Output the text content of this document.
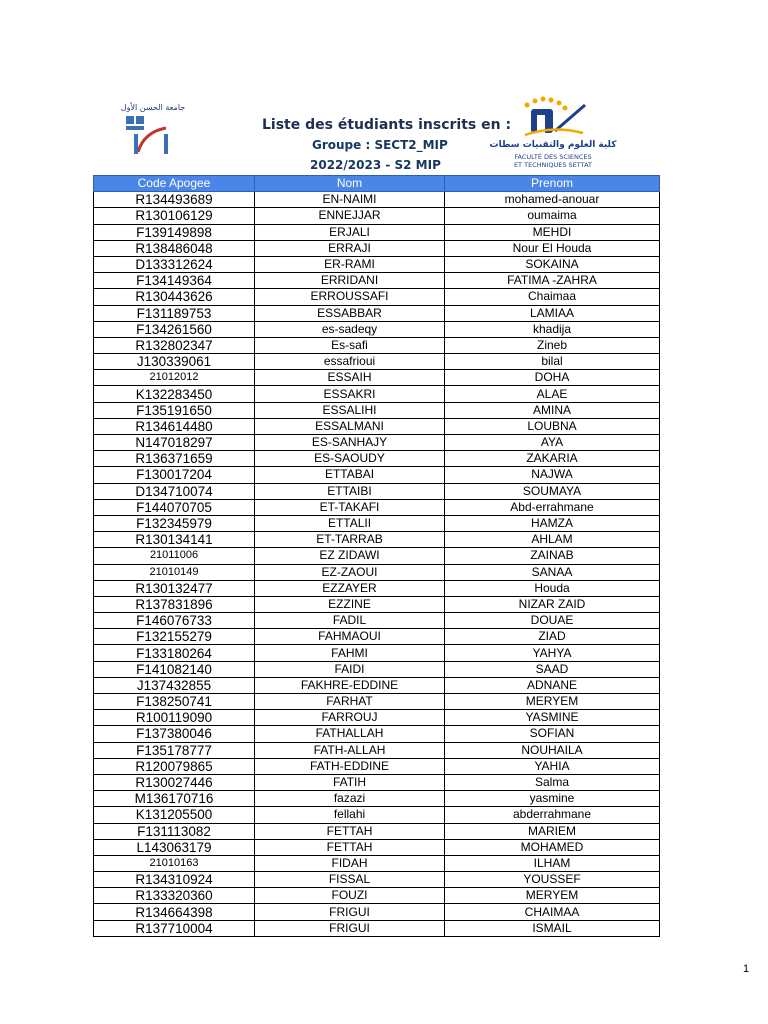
جامعة الحسن الأول
Liste des étudiants inscrits en :
Groupe : SECT2_MIP
2022/2023 - S2 MIP
كلية العلوم والتقنيات سطات
FACULTÉ DES SCIENCES
ET TECHNIQUES SETTAT
Code Apogee	Nom	Prenom
R134493689	EN-NAIMI	mohamed-anouar
R130106129	ENNEJJAR	oumaima
F139149898	ERJALI	MEHDI
R138486048	ERRAJI	Nour El Houda
D133312624	ER-RAMI	SOKAINA
F134149364	ERRIDANI	FATIMA -ZAHRA
R130443626	ERROUSSAFI	Chaimaa
F131189753	ESSABBAR	LAMIAA
F134261560	es-sadeqy	khadija
R132802347	Es-safi	Zineb
J130339061	essafrioui	bilal
21012012	ESSAIH	DOHA
K132283450	ESSAKRI	ALAE
F135191650	ESSALIHI	AMINA
R134614480	ESSALMANI	LOUBNA
N147018297	ES-SANHAJY	AYA
R136371659	ES-SAOUDY	ZAKARIA
F130017204	ETTABAI	NAJWA
D134710074	ETTAIBI	SOUMAYA
F144070705	ET-TAKAFI	Abd-errahmane
F132345979	ETTALII	HAMZA
R130134141	ET-TARRAB	AHLAM
21011006	EZ ZIDAWI	ZAINAB
21010149	EZ-ZAOUI	SANAA
R130132477	EZZAYER	Houda
R137831896	EZZINE	NIZAR ZAID
F146076733	FADIL	DOUAE
F132155279	FAHMAOUI	ZIAD
F133180264	FAHMI	YAHYA
F141082140	FAIDI	SAAD
J137432855	FAKHRE-EDDINE	ADNANE
F138250741	FARHAT	MERYEM
R100119090	FARROUJ	YASMINE
F137380046	FATHALLAH	SOFIAN
F135178777	FATH-ALLAH	NOUHAILA
R120079865	FATH-EDDINE	YAHIA
R130027446	FATIH	Salma
M136170716	fazazi	yasmine
K131205500	fellahi	abderrahmane
F131113082	FETTAH	MARIEM
L143063179	FETTAH	MOHAMED
21010163	FIDAH	ILHAM
R134310924	FISSAL	YOUSSEF
R133320360	FOUZI	MERYEM
R134664398	FRIGUI	CHAIMAA
R137710004	FRIGUI	ISMAIL
1
